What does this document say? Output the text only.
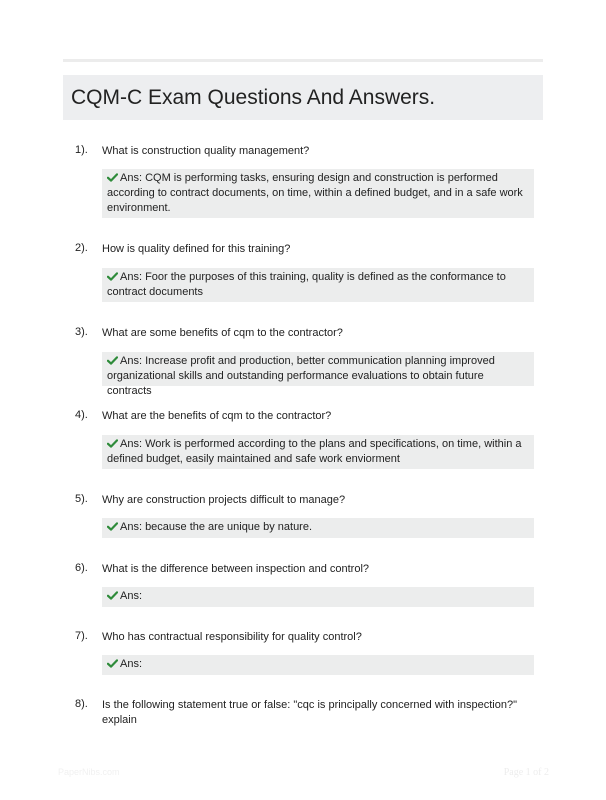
CQM-C Exam Questions And Answers.
1). What is construction quality management?
Ans: CQM is performing tasks, ensuring design and construction is performed according to contract documents, on time, within a defined budget, and in a safe work environment.
2). How is quality defined for this training?
Ans: Foor the purposes of this training, quality is defined as the conformance to contract documents
3). What are some benefits of cqm to the contractor?
Ans: Increase profit and production, better communication planning improved organizational skills and outstanding performance evaluations to obtain future contracts
4). What are the benefits of cqm to the contractor?
Ans: Work is performed according to the plans and specifications, on time, within a defined budget, easily maintained and safe work enviorment
5). Why are construction projects difficult to manage?
Ans: because the are unique by nature.
6). What is the difference between inspection and control?
Ans:
7). Who has contractual responsibility for quality control?
Ans:
8). Is the following statement true or false: "cqc is principally concerned with inspection?" explain
PaperNibs.com	Page 1 of 2
